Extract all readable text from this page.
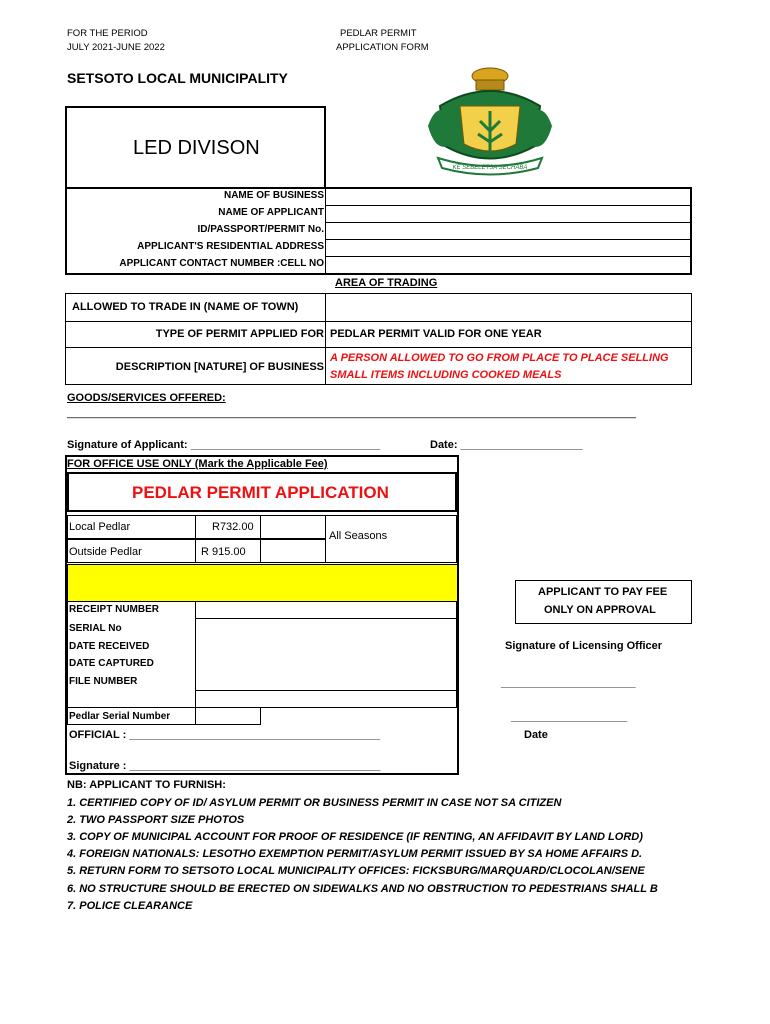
FOR THE PERIOD
JULY 2021-JUNE 2022
PEDLAR PERMIT
APPLICATION FORM
SETSOTO LOCAL MUNICIPALITY
KE SEBELETSA SECHABA
LED DIVISON
NAME OF BUSINESS
NAME OF APPLICANT
ID/PASSPORT/PERMIT No.
APPLICANT'S RESIDENTIAL ADDRESS
APPLICANT CONTACT NUMBER :CELL NO
AREA OF TRADING
ALLOWED TO TRADE IN (NAME OF TOWN)
TYPE OF PERMIT APPLIED FOR PEDLAR PERMIT VALID FOR ONE YEAR
DESCRIPTION [NATURE] OF BUSINESS
A PERSON ALLOWED TO GO FROM PLACE TO PLACE SELLING
SMALL ITEMS INCLUDING COOKED MEALS
GOODS/SERVICES OFFERED:
_____________________________________________________________________________________________
Signature of Applicant: _______________________________	Date: ____________________
FOR OFFICE USE ONLY (Mark the Applicable Fee)
PEDLAR PERMIT APPLICATION
Local Pedlar	R732.00
Outside Pedlar	R 915.00
All Seasons
RECEIPT NUMBER
SERIAL No
DATE RECEIVED
DATE CAPTURED
FILE NUMBER
Pedlar Serial Number
OFFICIAL : _________________________________________
Signature : _________________________________________
APPLICANT TO PAY FEE
ONLY ON APPROVAL
Signature of Licensing Officer
______________________
___________________
Date
NB: APPLICANT TO FURNISH:
1. CERTIFIED COPY OF ID/ ASYLUM PERMIT OR BUSINESS PERMIT IN CASE NOT SA CITIZEN
2. TWO PASSPORT SIZE PHOTOS
3. COPY OF MUNICIPAL ACCOUNT FOR PROOF OF RESIDENCE (IF RENTING, AN AFFIDAVIT BY LAND LORD)
4. FOREIGN NATIONALS: LESOTHO EXEMPTION PERMIT/ASYLUM PERMIT ISSUED BY SA HOME AFFAIRS D.
5. RETURN FORM TO SETSOTO LOCAL MUNICIPALITY OFFICES: FICKSBURG/MARQUARD/CLOCOLAN/SENE
6. NO STRUCTURE SHOULD BE ERECTED ON SIDEWALKS AND NO OBSTRUCTION TO PEDESTRIANS SHALL B
7. POLICE CLEARANCE
